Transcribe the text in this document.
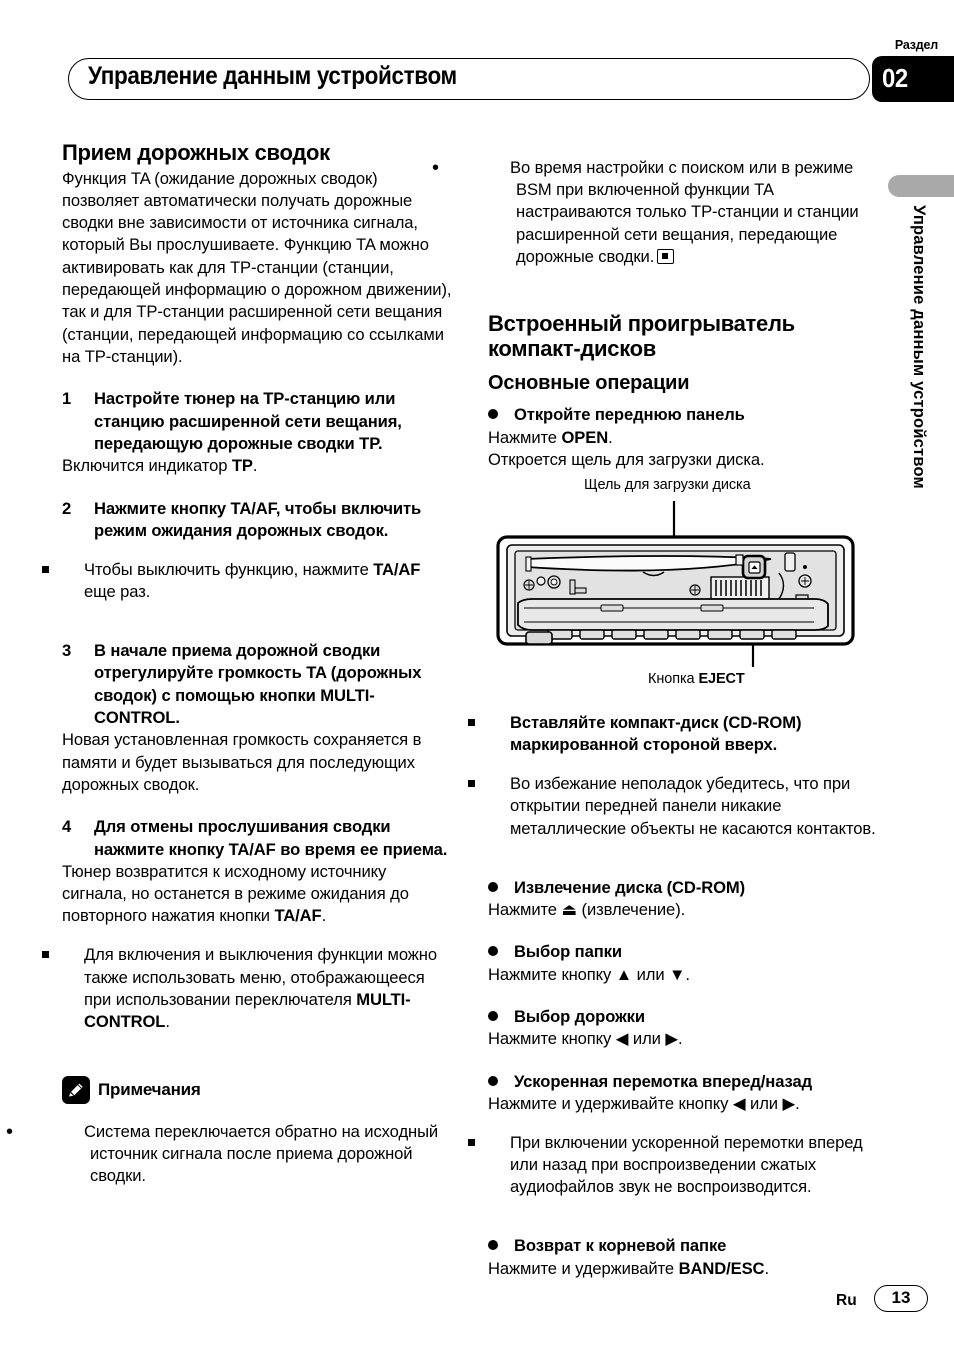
Раздел
Управление данным устройством	02
Управление данным устройством
Прием дорожных сводок

Функция TA (ожидание дорожных сводок) позволяет автоматически получать дорожные сводки вне зависимости от источника сигнала, который Вы прослушиваете. Функцию TA можно активировать как для TP-станции (станции, передающей информацию о дорожном движении), так и для TP-станции расширенной сети вещания (станции, передающей информацию со ссылками на TP-станции).

1 Настройте тюнер на TP-станцию или станцию расширенной сети вещания, передающую дорожные сводки TP.

Включится индикатор TP.

2 Нажмите кнопку TA/AF, чтобы включить режим ожидания дорожных сводок.

Чтобы выключить функцию, нажмите TA/AF еще раз.

3 В начале приема дорожной сводки отрегулируйте громкость TA (дорожных сводок) с помощью кнопки MULTI-CONTROL.

Новая установленная громкость сохраняется в памяти и будет вызываться для последующих дорожных сводок.

4 Для отмены прослушивания сводки нажмите кнопку TA/AF во время ее приема.

Тюнер возвратится к исходному источнику сигнала, но останется в режиме ожидания до повторного нажатия кнопки TA/AF.

Для включения и выключения функции можно также использовать меню, отображающееся при использовании переключателя MULTI-CONTROL.

Примечания

•Система переключается обратно на исходный источник сигнала после приема дорожной сводки.

•Во время настройки с поиском или в режиме BSM при включенной функции TA настраиваются только TP-станции и станции расширенной сети вещания, передающие дорожные сводки.

Встроенный проигрыватель компакт-дисков
Основные операции
Откройте переднюю панель

Нажмите OPEN.

Откроется щель для загрузки диска.

Щель для загрузки диска
Кнопка EJECT

Вставляйте компакт-диск (CD-ROM) маркированной стороной вверх.

Во избежание неполадок убедитесь, что при открытии передней панели никакие металлические объекты не касаются контактов.

Извлечение диска (CD-ROM)

Нажмите ⏏ (извлечение).

Выбор папки

Нажмите кнопку ▲ или ▼.

Выбор дорожки

Нажмите кнопку ◀ или ▶.

Ускоренная перемотка вперед/назад

Нажмите и удерживайте кнопку ◀ или ▶.

При включении ускоренной перемотки вперед или назад при воспроизведении сжатых аудиофайлов звук не воспроизводится.

Возврат к корневой папке

Нажмите и удерживайте BAND/ESC.

Ru	13
